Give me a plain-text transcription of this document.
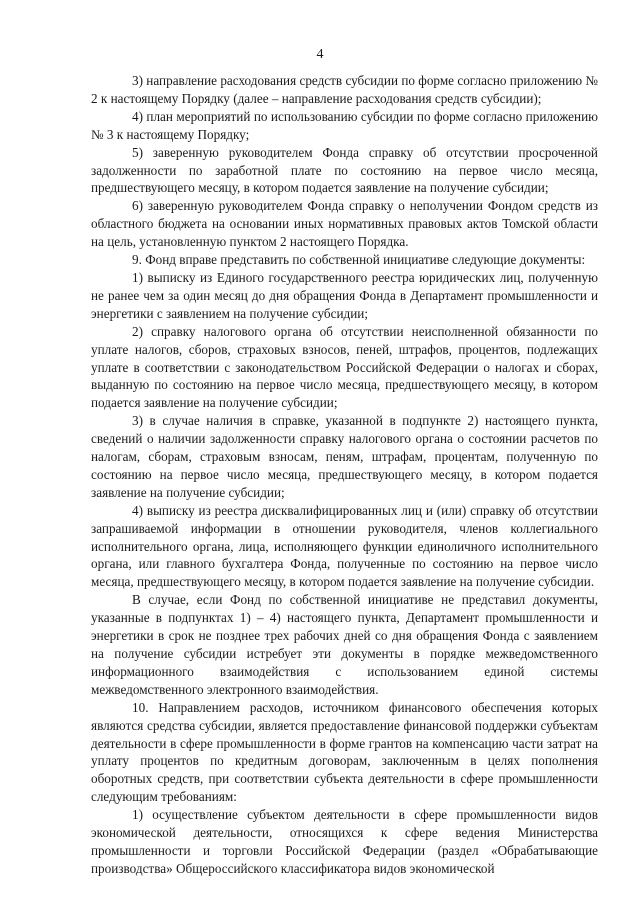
4

3) направление расходования средств субсидии по форме согласно приложению № 2 к настоящему Порядку (далее – направление расходования средств субсидии);

4) план мероприятий по использованию субсидии по форме согласно приложению № 3 к настоящему Порядку;

5) заверенную руководителем Фонда справку об отсутствии просроченной задолженности по заработной плате по состоянию на первое число месяца, предшествующего месяцу, в котором подается заявление на получение субсидии;

6) заверенную руководителем Фонда справку о неполучении Фондом средств из областного бюджета на основании иных нормативных правовых актов Томской области на цель, установленную пунктом 2 настоящего Порядка.

9. Фонд вправе представить по собственной инициативе следующие документы:

1) выписку из Единого государственного реестра юридических лиц, полученную не ранее чем за один месяц до дня обращения Фонда в Департамент промышленности и энергетики с заявлением на получение субсидии;

2) справку налогового органа об отсутствии неисполненной обязанности по уплате налогов, сборов, страховых взносов, пеней, штрафов, процентов, подлежащих уплате в соответствии с законодательством Российской Федерации о налогах и сборах, выданную по состоянию на первое число месяца, предшествующего месяцу, в котором подается заявление на получение субсидии;

3) в случае наличия в справке, указанной в подпункте 2) настоящего пункта, сведений о наличии задолженности справку налогового органа о состоянии расчетов по налогам, сборам, страховым взносам, пеням, штрафам, процентам, полученную по состоянию на первое число месяца, предшествующего месяцу, в котором подается заявление на получение субсидии;

4) выписку из реестра дисквалифицированных лиц и (или) справку об отсутствии запрашиваемой информации в отношении руководителя, членов коллегиального исполнительного органа, лица, исполняющего функции единоличного исполнительного органа, или главного бухгалтера Фонда, полученные по состоянию на первое число месяца, предшествующего месяцу, в котором подается заявление на получение субсидии.

В случае, если Фонд по собственной инициативе не представил документы, указанные в подпунктах 1) – 4) настоящего пункта, Департамент промышленности и энергетики в срок не позднее трех рабочих дней со дня обращения Фонда с заявлением на получение субсидии истребует эти документы в порядке межведомственного информационного взаимодействия с использованием единой системы межведомственного электронного взаимодействия.

10. Направлением расходов, источником финансового обеспечения которых являются средства субсидии, является предоставление финансовой поддержки субъектам деятельности в сфере промышленности в форме грантов на компенсацию части затрат на уплату процентов по кредитным договорам, заключенным в целях пополнения оборотных средств, при соответствии субъекта деятельности в сфере промышленности следующим требованиям:

1) осуществление субъектом деятельности в сфере промышленности видов экономической деятельности, относящихся к сфере ведения Министерства промышленности и торговли Российской Федерации (раздел «Обрабатывающие производства» Общероссийского классификатора видов экономической
